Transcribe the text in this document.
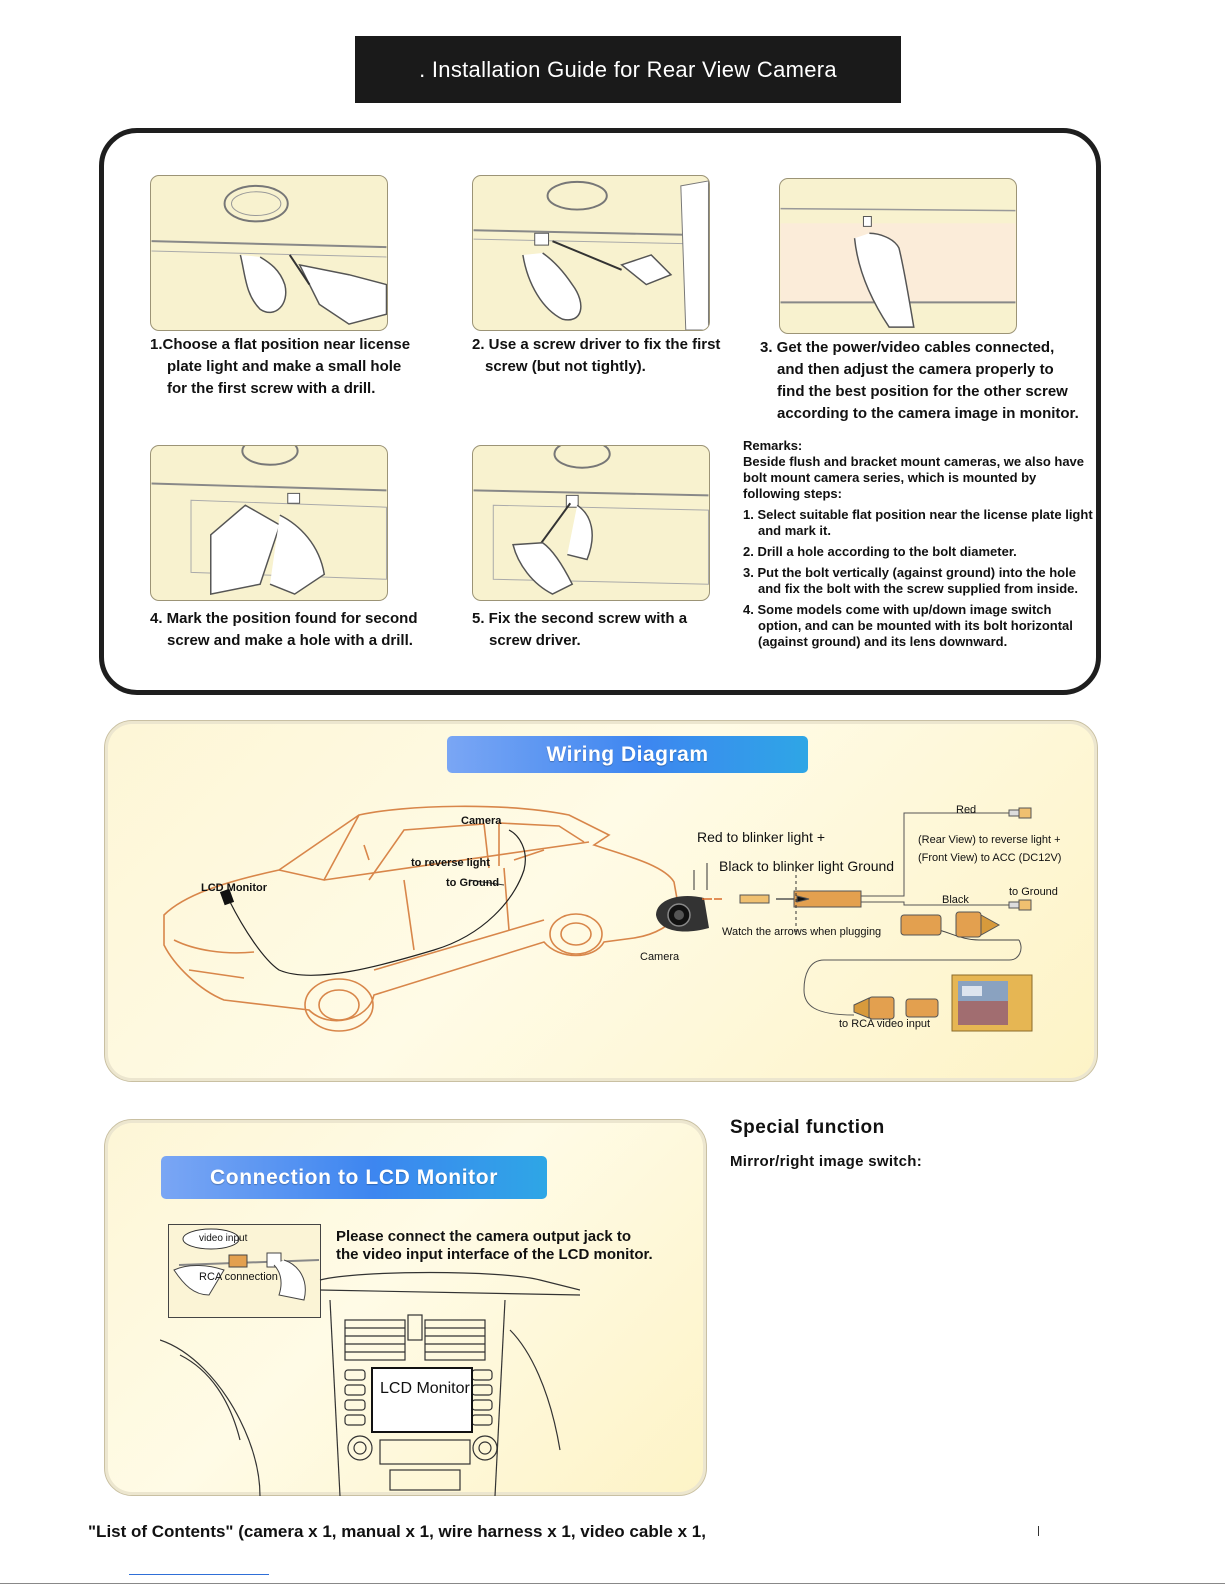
. Installation Guide for Rear View Camera
1.Choose a flat position near license
plate light and make a small hole
for the first screw with a drill.
2. Use a screw driver to fix the first
screw (but not tightly).
3. Get the power/video cables connected,
and then adjust the camera properly to
find the best position for the other screw
according to the camera image in monitor.
4. Mark the position found for second
screw and make a hole with a drill.
5. Fix the second screw with a
screw driver.
Remarks:
Beside flush and bracket mount cameras, we also have bolt mount camera series, which is mounted by following steps:
1. Select suitable flat position near the license plate light and mark it.
2. Drill a hole according to the bolt diameter.
3. Put the bolt vertically (against ground) into the hole and fix the bolt with the screw supplied from inside.
4. Some models come with up/down image switch option, and can be mounted with its bolt horizontal (against ground) and its lens downward.
Wiring Diagram
Camera
to reverse light
to Ground
LCD Monitor
Red to blinker light +
Black to blinker light Ground
Red
(Rear View) to reverse light +
(Front View) to ACC (DC12V)
Black
to Ground
Watch the arrows when plugging
Camera
to RCA video input
Connection to LCD Monitor
Please connect the camera output jack to
the video input interface of the LCD monitor.
video input
RCA connection
LCD Monitor
Special function
Mirror/right image switch:
"List of Contents" (camera x 1, manual x 1, wire harness x 1, video cable x 1,
